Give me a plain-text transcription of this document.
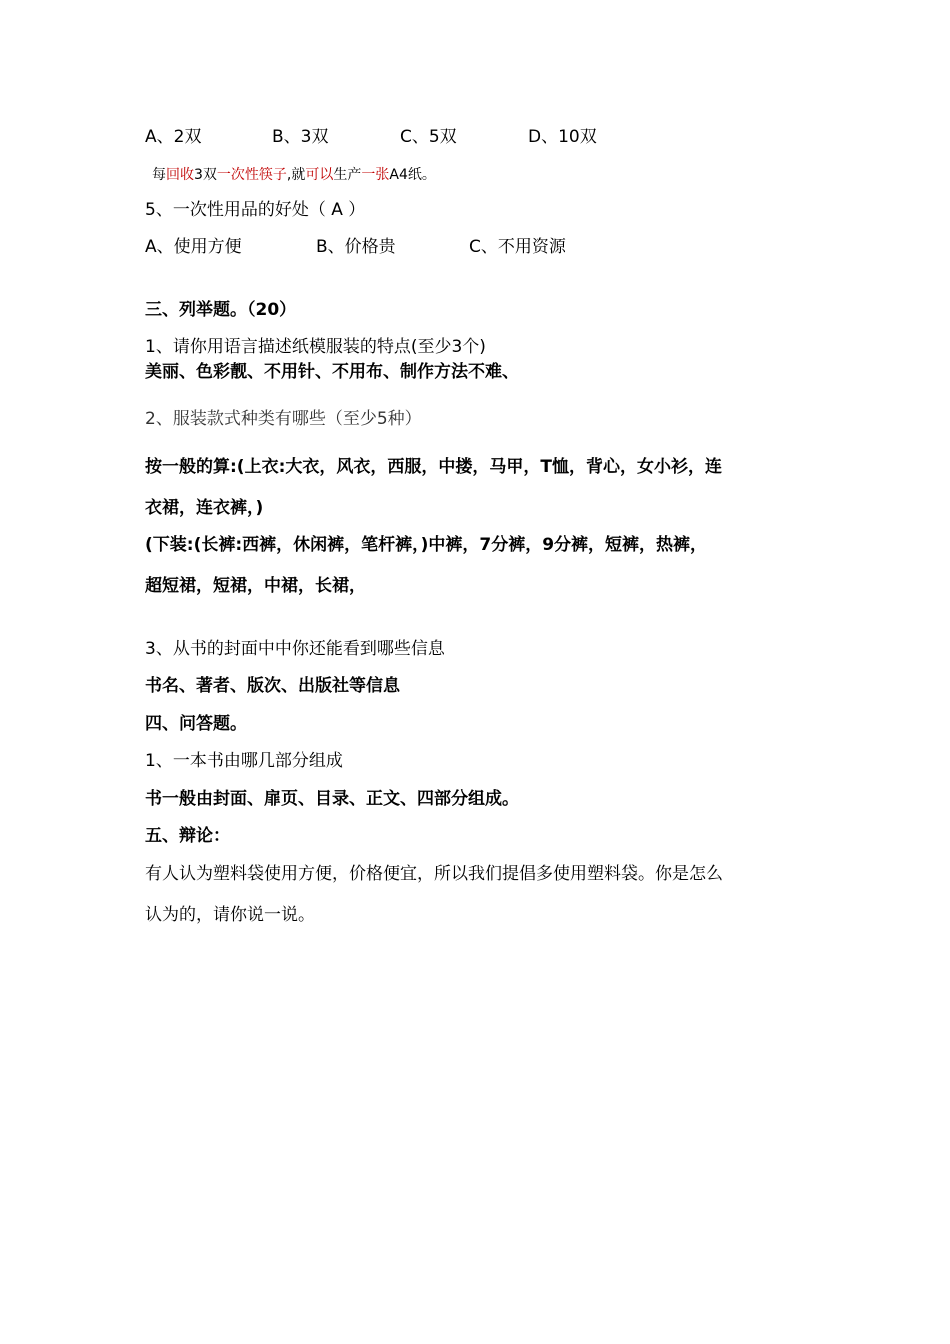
A、2双	B、3双	C、5双	D、10双
每回收3双一次性筷子,就可以生产一张A4纸。
5、一次性用品的好处（ A ）
A、使用方便	B、价格贵	C、不用资源
三、列举题。（20）
1、请你用语言描述纸模服装的特点(至少3个)
美丽、色彩靓、不用针、不用布、制作方法不难、
2、服装款式种类有哪些（至少5种）
按一般的算:(上衣:大衣，风衣，西服，中搂，马甲，T恤，背心，女小衫，连
衣裙，连衣裤，)
(下装:(长裤:西裤，休闲裤，笔杆裤，)中裤，7分裤，9分裤，短裤，热裤，
超短裙，短裙，中裙，长裙，
3、从书的封面中中你还能看到哪些信息
书名、著者、版次、出版社等信息
四、问答题。
1、一本书由哪几部分组成
书一般由封面、扉页、目录、正文、四部分组成。
五、辩论：
有人认为塑料袋使用方便，价格便宜，所以我们提倡多使用塑料袋。你是怎么
认为的，请你说一说。
